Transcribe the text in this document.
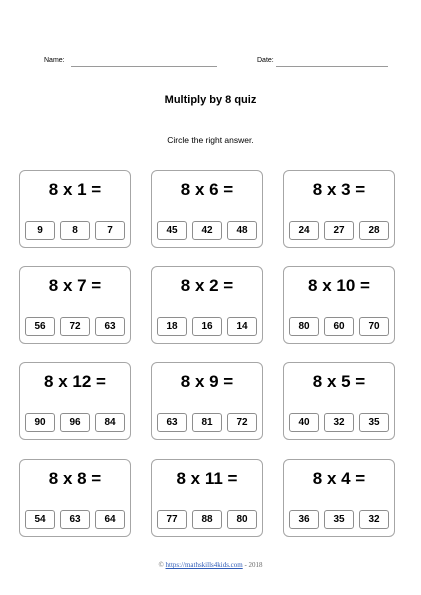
Name:	Date:
Multiply by 8 quiz
Circle the right answer.
8 x 1 =
9	8	7
8 x 6 =
45	42	48
8 x 3 =
24	27	28
8 x 7 =
56	72	63
8 x 2 =
18	16	14
8 x 10 =
80	60	70
8 x 12 =
90	96	84
8 x 9 =
63	81	72
8 x 5 =
40	32	35
8 x 8 =
54	63	64
8 x 11 =
77	88	80
8 x 4 =
36	35	32
© https://mathskills4kids.com - 2018
